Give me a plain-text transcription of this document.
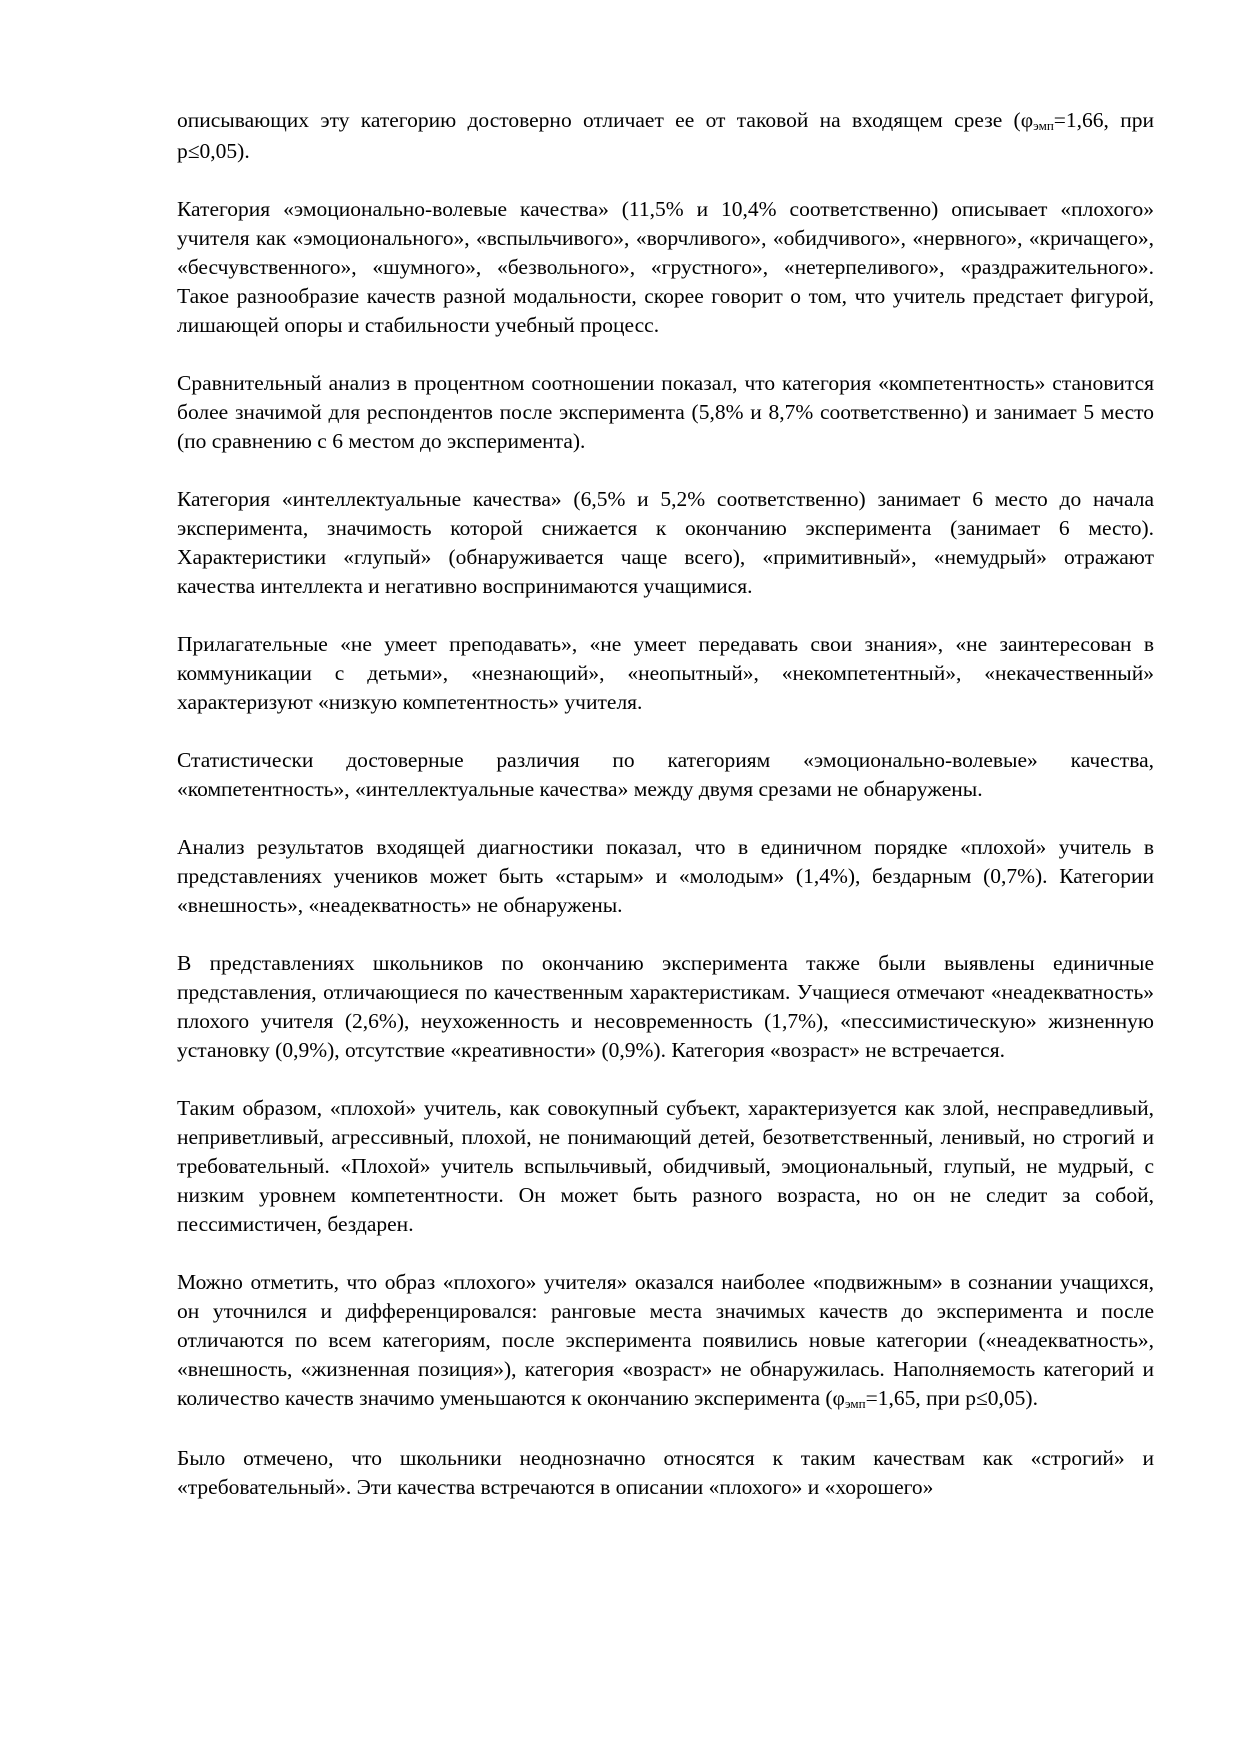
описывающих эту категорию достоверно отличает ее от таковой на входящем срезе (φэмп=1,66, при p≤0,05).

Категория «эмоционально-волевые качества» (11,5% и 10,4% соответственно) описывает «плохого» учителя как «эмоционального», «вспыльчивого», «ворчливого», «обидчивого», «нервного», «кричащего», «бесчувственного», «шумного», «безвольного», «грустного», «нетерпеливого», «раздражительного». Такое разнообразие качеств разной модальности, скорее говорит о том, что учитель предстает фигурой, лишающей опоры и стабильности учебный процесс.

Сравнительный анализ в процентном соотношении показал, что категория «компетентность» становится более значимой для респондентов после эксперимента (5,8% и 8,7% соответственно) и занимает 5 место (по сравнению с 6 местом до эксперимента).

Категория «интеллектуальные качества» (6,5% и 5,2% соответственно) занимает 6 место до начала эксперимента, значимость которой снижается к окончанию эксперимента (занимает 6 место). Характеристики «глупый» (обнаруживается чаще всего), «примитивный», «немудрый» отражают качества интеллекта и негативно воспринимаются учащимися.

Прилагательные «не умеет преподавать», «не умеет передавать свои знания», «не заинтересован в коммуникации с детьми», «незнающий», «неопытный», «некомпетентный», «некачественный» характеризуют «низкую компетентность» учителя.

Статистически достоверные различия по категориям «эмоционально-волевые» качества, «компетентность», «интеллектуальные качества» между двумя срезами не обнаружены.

Анализ результатов входящей диагностики показал, что в единичном порядке «плохой» учитель в представлениях учеников может быть «старым» и «молодым» (1,4%), бездарным (0,7%). Категории «внешность», «неадекватность» не обнаружены.

В представлениях школьников по окончанию эксперимента также были выявлены единичные представления, отличающиеся по качественным характеристикам. Учащиеся отмечают «неадекватность» плохого учителя (2,6%), неухоженность и несовременность (1,7%), «пессимистическую» жизненную установку (0,9%), отсутствие «креативности» (0,9%). Категория «возраст» не встречается.

Таким образом, «плохой» учитель, как совокупный субъект, характеризуется как злой, несправедливый, неприветливый, агрессивный, плохой, не понимающий детей, безответственный, ленивый, но строгий и требовательный. «Плохой» учитель вспыльчивый, обидчивый, эмоциональный, глупый, не мудрый, с низким уровнем компетентности. Он может быть разного возраста, но он не следит за собой, пессимистичен, бездарен.

Можно отметить, что образ «плохого» учителя» оказался наиболее «подвижным» в сознании учащихся, он уточнился и дифференцировался: ранговые места значимых качеств до эксперимента и после отличаются по всем категориям, после эксперимента появились новые категории («неадекватность», «внешность, «жизненная позиция»), категория «возраст» не обнаружилась. Наполняемость категорий и количество качеств значимо уменьшаются к окончанию эксперимента (φэмп=1,65, при p≤0,05).

Было отмечено, что школьники неоднозначно относятся к таким качествам как «строгий» и «требовательный». Эти качества встречаются в описании «плохого» и «хорошего»
